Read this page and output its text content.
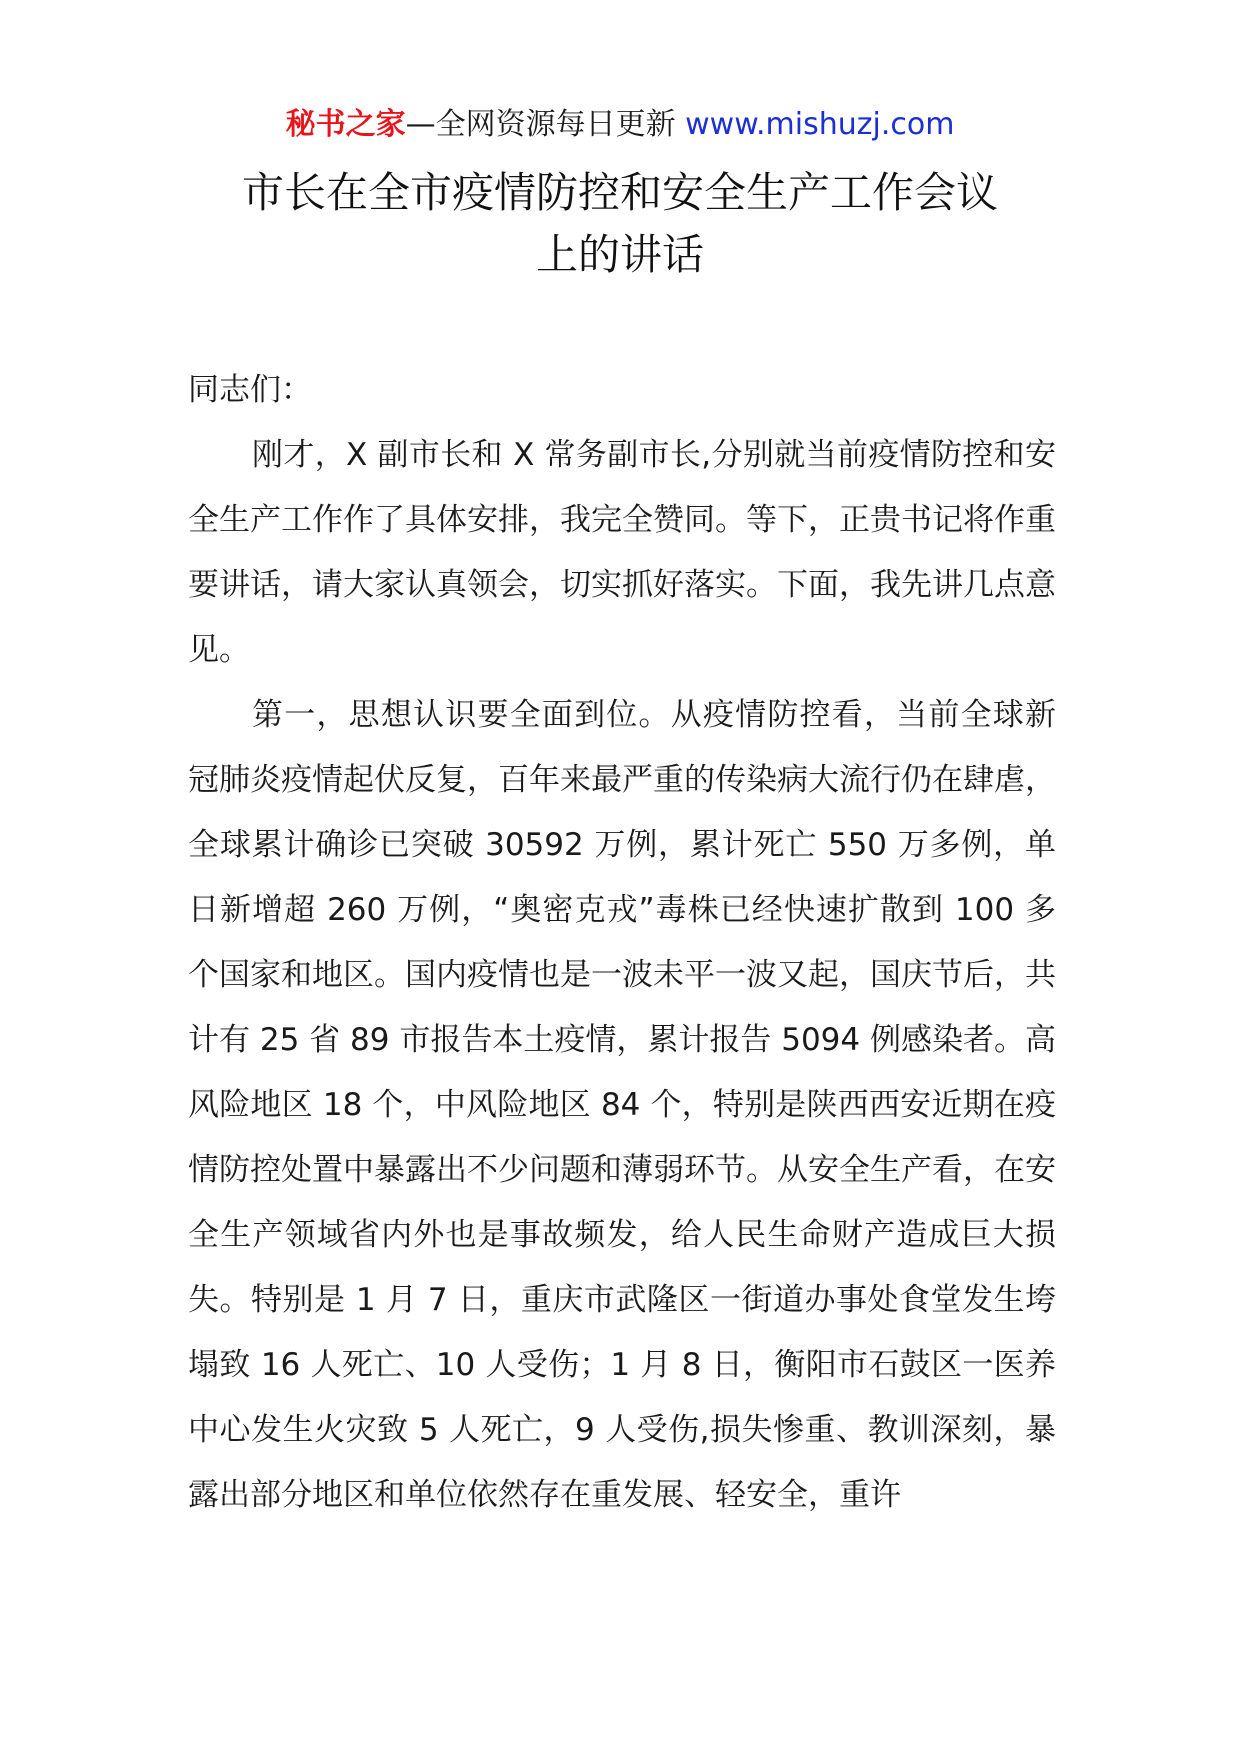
秘书之家—全网资源每日更新 www.mishuzj.com
市长在全市疫情防控和安全生产工作会议
上的讲话

同志们：

刚才，X 副市长和 X 常务副市长,分别就当前疫情防控和安全生产工作作了具体安排，我完全赞同。等下，正贵书记将作重要讲话，请大家认真领会，切实抓好落实。下面，我先讲几点意见。

第一，思想认识要全面到位。从疫情防控看，当前全球新冠肺炎疫情起伏反复，百年来最严重的传染病大流行仍在肆虐，全球累计确诊已突破 30592 万例，累计死亡 550 万多例，单日新增超 260 万例，“奥密克戎”毒株已经快速扩散到 100 多个国家和地区。国内疫情也是一波未平一波又起，国庆节后，共计有 25 省 89 市报告本土疫情，累计报告 5094 例感染者。高风险地区 18 个，中风险地区 84 个，特别是陕西西安近期在疫情防控处置中暴露出不少问题和薄弱环节。从安全生产看，在安全生产领域省内外也是事故频发，给人民生命财产造成巨大损失。特别是 1 月 7 日，重庆市武隆区一街道办事处食堂发生垮塌致 16 人死亡、10 人受伤；1 月 8 日，衡阳市石鼓区一医养中心发生火灾致 5 人死亡，9 人受伤,损失惨重、教训深刻，暴露出部分地区和单位依然存在重发展、轻安全，重许
